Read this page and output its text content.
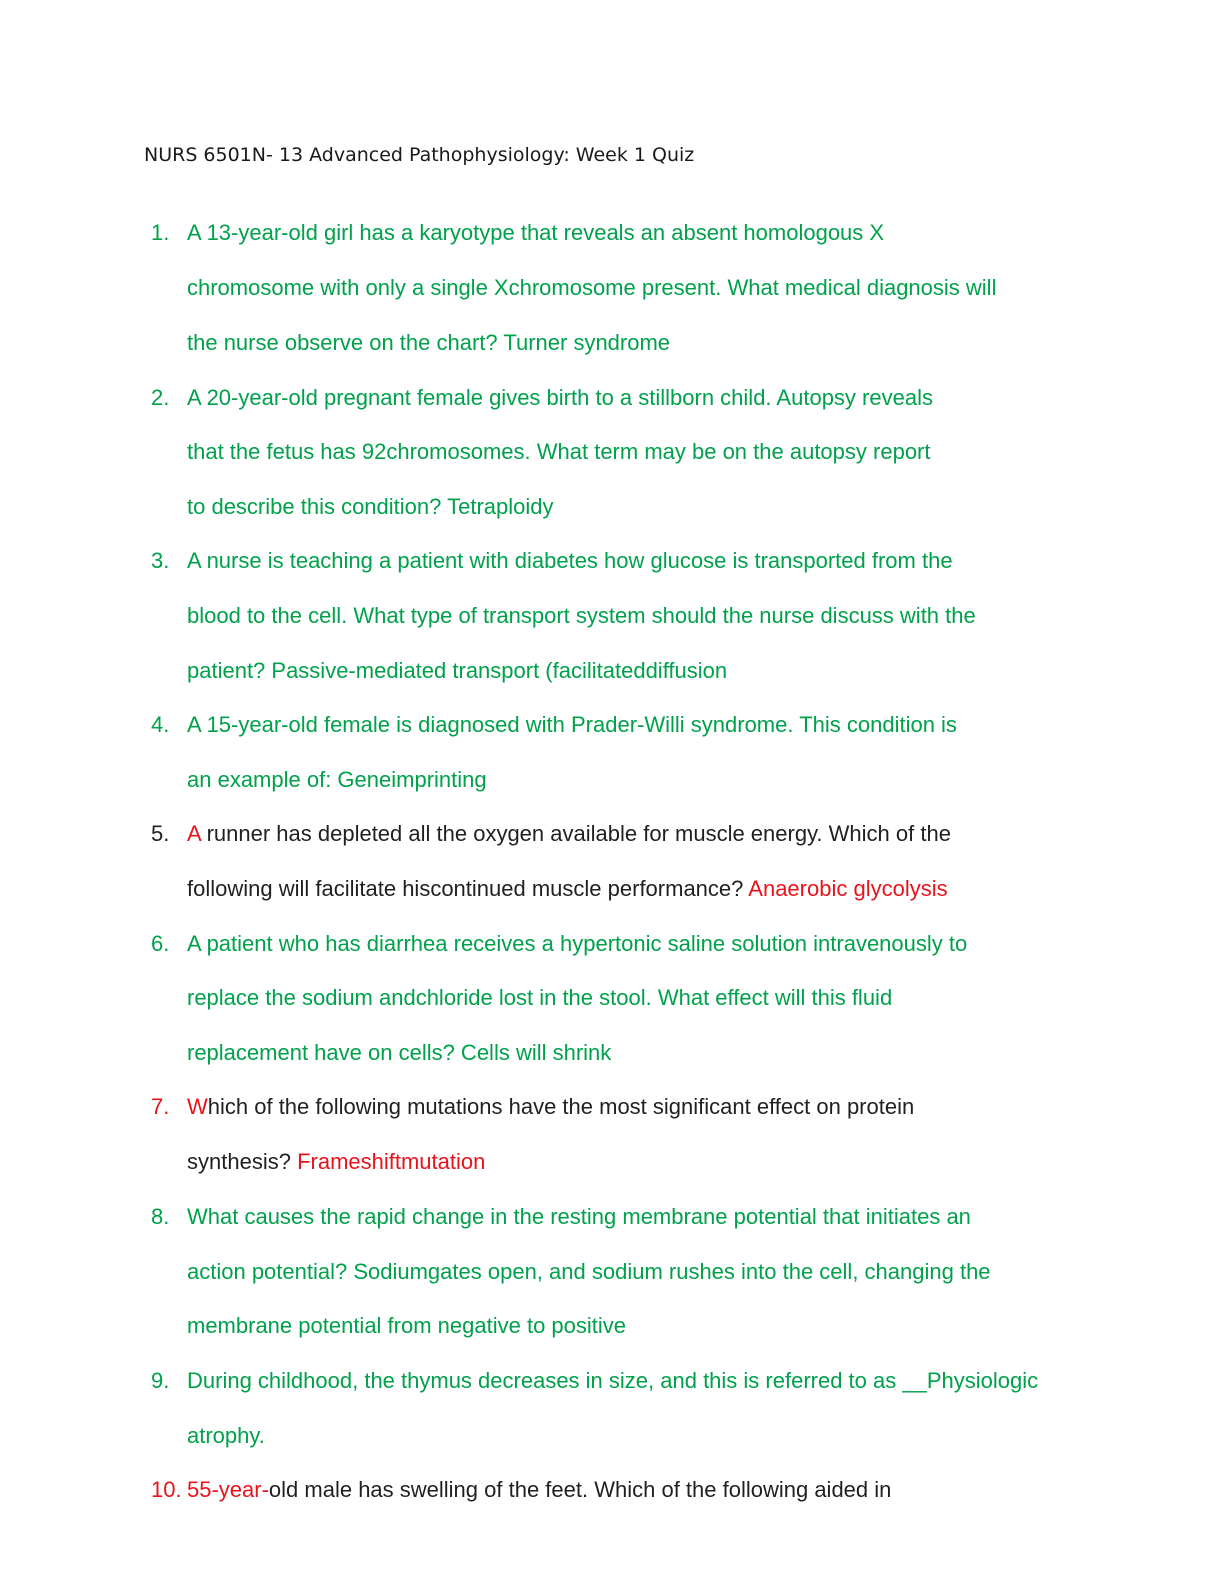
NURS 6501N- 13 Advanced Pathophysiology: Week 1 Quiz
1. A 13-year-old girl has a karyotype that reveals an absent homologous X
chromosome with only a single Xchromosome present. What medical diagnosis will
the nurse observe on the chart? Turner syndrome
2. A 20-year-old pregnant female gives birth to a stillborn child. Autopsy reveals
that the fetus has 92chromosomes. What term may be on the autopsy report
to describe this condition? Tetraploidy
3. A nurse is teaching a patient with diabetes how glucose is transported from the
blood to the cell. What type of transport system should the nurse discuss with the
patient? Passive-mediated transport (facilitateddiffusion
4. A 15-year-old female is diagnosed with Prader-Willi syndrome. This condition is
an example of: Geneimprinting
5. A runner has depleted all the oxygen available for muscle energy. Which of the
following will facilitate hiscontinued muscle performance? Anaerobic glycolysis
6. A patient who has diarrhea receives a hypertonic saline solution intravenously to
replace the sodium andchloride lost in the stool. What effect will this fluid
replacement have on cells? Cells will shrink
7. Which of the following mutations have the most significant effect on protein
synthesis? Frameshiftmutation
8. What causes the rapid change in the resting membrane potential that initiates an
action potential? Sodiumgates open, and sodium rushes into the cell, changing the
membrane potential from negative to positive
9. During childhood, the thymus decreases in size, and this is referred to as __Physiologic
atrophy.
10. 55-year-old male has swelling of the feet. Which of the following aided in
